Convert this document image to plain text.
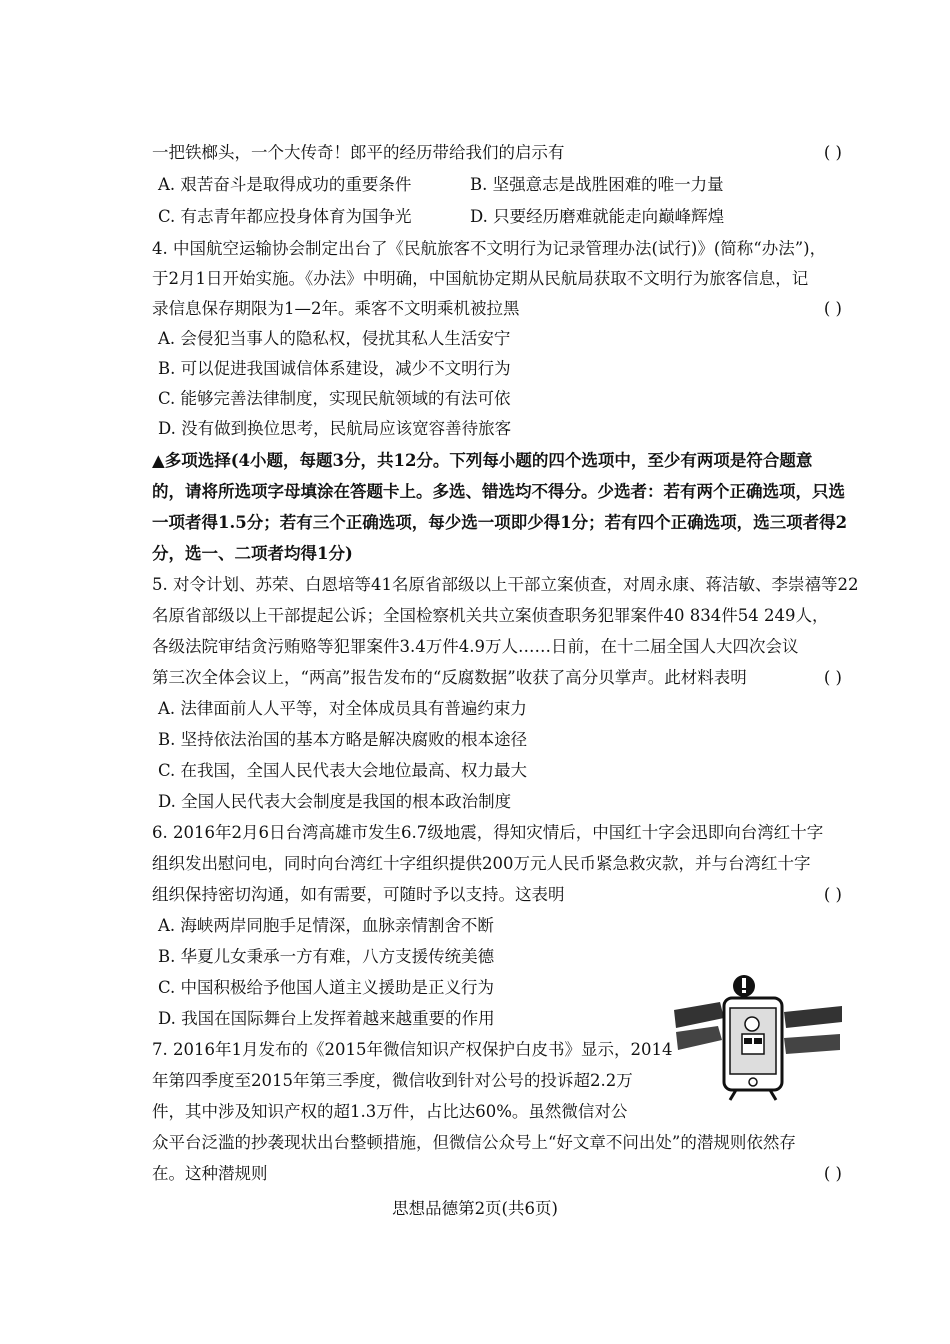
一把铁榔头，一个大传奇！郎平的经历带给我们的启示有	( )
A. 艰苦奋斗是取得成功的重要条件	B. 坚强意志是战胜困难的唯一力量
C. 有志青年都应投身体育为国争光	D. 只要经历磨难就能走向巅峰辉煌
4. 中国航空运输协会制定出台了《民航旅客不文明行为记录管理办法(试行)》(简称“办法”)，
于2月1日开始实施。《办法》中明确，中国航协定期从民航局获取不文明行为旅客信息，记
录信息保存期限为1—2年。乘客不文明乘机被拉黑	( )
A. 会侵犯当事人的隐私权，侵扰其私人生活安宁
B. 可以促进我国诚信体系建设，减少不文明行为
C. 能够完善法律制度，实现民航领域的有法可依
D. 没有做到换位思考，民航局应该宽容善待旅客
▲多项选择(4小题，每题3分，共12分。下列每小题的四个选项中，至少有两项是符合题意
的，请将所选项字母填涂在答题卡上。多选、错选均不得分。少选者：若有两个正确选项，只选
一项者得1.5分；若有三个正确选项，每少选一项即少得1分；若有四个正确选项，选三项者得2
分，选一、二项者均得1分)
5. 对令计划、苏荣、白恩培等41名原省部级以上干部立案侦查，对周永康、蒋洁敏、李崇禧等22
名原省部级以上干部提起公诉；全国检察机关共立案侦查职务犯罪案件40 834件54 249人，
各级法院审结贪污贿赂等犯罪案件3.4万件4.9万人……日前，在十二届全国人大四次会议
第三次全体会议上，“两高”报告发布的“反腐数据”收获了高分贝掌声。此材料表明	( )
A. 法律面前人人平等，对全体成员具有普遍约束力
B. 坚持依法治国的基本方略是解决腐败的根本途径
C. 在我国，全国人民代表大会地位最高、权力最大
D. 全国人民代表大会制度是我国的根本政治制度
6. 2016年2月6日台湾高雄市发生6.7级地震，得知灾情后，中国红十字会迅即向台湾红十字
组织发出慰问电，同时向台湾红十字组织提供200万元人民币紧急救灾款，并与台湾红十字
组织保持密切沟通，如有需要，可随时予以支持。这表明	( )
A. 海峡两岸同胞手足情深，血脉亲情割舍不断
B. 华夏儿女秉承一方有难，八方支援传统美德
C. 中国积极给予他国人道主义援助是正义行为
D. 我国在国际舞台上发挥着越来越重要的作用
7. 2016年1月发布的《2015年微信知识产权保护白皮书》显示，2014
年第四季度至2015年第三季度，微信收到针对公号的投诉超2.2万
件，其中涉及知识产权的超1.3万件，占比达60%。虽然微信对公
众平台泛滥的抄袭现状出台整顿措施，但微信公众号上“好文章不问出处”的潜规则依然存
在。这种潜规则	( )
思想品德第2页(共6页)
